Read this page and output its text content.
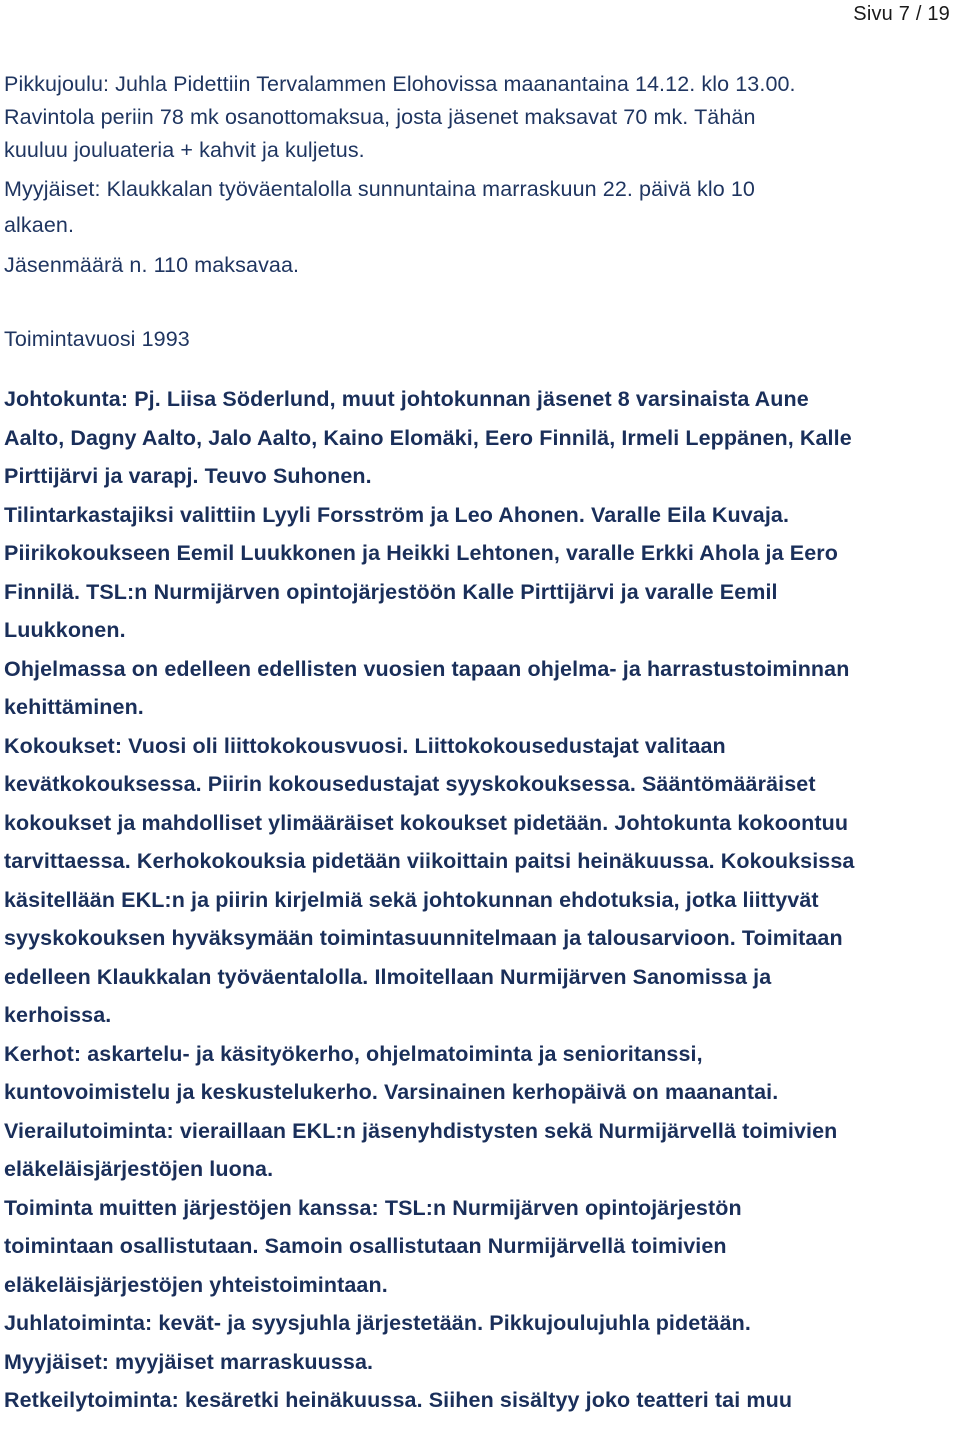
Sivu 7 / 19

Pikkujoulu: Juhla Pidettiin Tervalammen Elohovissa maanantaina 14.12. klo 13.00.

Ravintola periin 78 mk osanottomaksua, josta jäsenet maksavat 70 mk. Tähän

kuuluu jouluateria + kahvit ja kuljetus.

Myyjäiset: Klaukkalan työväentalolla sunnuntaina marraskuun 22. päivä klo 10

alkaen.

Jäsenmäärä n. 110 maksavaa.

Toimintavuosi 1993

Johtokunta: Pj. Liisa Söderlund, muut johtokunnan jäsenet 8 varsinaista Aune

Aalto, Dagny Aalto, Jalo Aalto, Kaino Elomäki, Eero Finnilä, Irmeli Leppänen, Kalle

Pirttijärvi ja varapj. Teuvo Suhonen.

Tilintarkastajiksi valittiin Lyyli Forsström ja Leo Ahonen. Varalle Eila Kuvaja.

Piirikokoukseen Eemil Luukkonen ja Heikki Lehtonen, varalle Erkki Ahola ja Eero

Finnilä. TSL:n Nurmijärven opintojärjestöön Kalle Pirttijärvi ja varalle Eemil

Luukkonen.

Ohjelmassa on edelleen edellisten vuosien tapaan ohjelma- ja harrastustoiminnan

kehittäminen.

Kokoukset: Vuosi oli liittokokousvuosi. Liittokokousedustajat valitaan

kevätkokouksessa. Piirin kokousedustajat syyskokouksessa. Sääntömääräiset

kokoukset ja mahdolliset ylimääräiset kokoukset pidetään. Johtokunta kokoontuu

tarvittaessa. Kerhokokouksia pidetään viikoittain paitsi heinäkuussa. Kokouksissa

käsitellään EKL:n ja piirin kirjelmiä sekä johtokunnan ehdotuksia, jotka liittyvät

syyskokouksen hyväksymään toimintasuunnitelmaan ja talousarvioon. Toimitaan

edelleen Klaukkalan työväentalolla. Ilmoitellaan Nurmijärven Sanomissa ja

kerhoissa.

Kerhot: askartelu- ja käsityökerho, ohjelmatoiminta ja senioritanssi,

kuntovoimistelu ja keskustelukerho. Varsinainen kerhopäivä on maanantai.

Vierailutoiminta: vieraillaan EKL:n jäsenyhdistysten sekä Nurmijärvellä toimivien

eläkeläisjärjestöjen luona.

Toiminta muitten järjestöjen kanssa: TSL:n Nurmijärven opintojärjestön

toimintaan osallistutaan. Samoin osallistutaan Nurmijärvellä toimivien

eläkeläisjärjestöjen yhteistoimintaan.

Juhlatoiminta: kevät- ja syysjuhla järjestetään. Pikkujoulujuhla pidetään.

Myyjäiset: myyjäiset marraskuussa.

Retkeilytoiminta: kesäretki heinäkuussa. Siihen sisältyy joko teatteri tai muu
